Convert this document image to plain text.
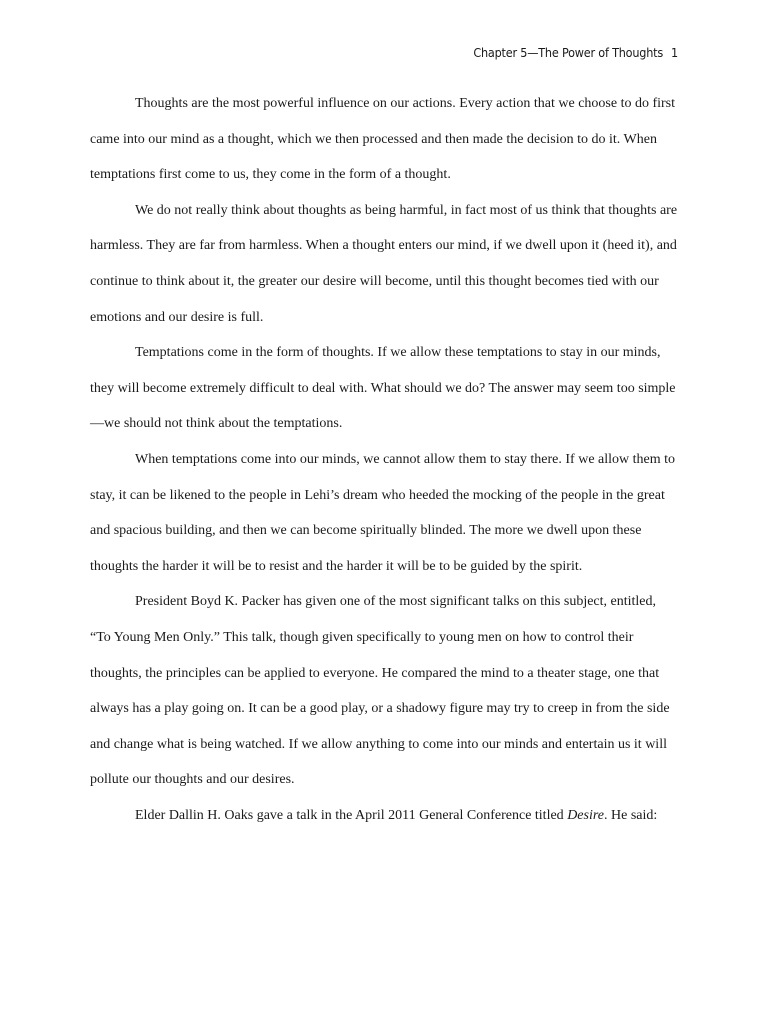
Chapter 5—The Power of Thoughts 1

Thoughts are the most powerful influence on our actions. Every action that we choose to do first came into our mind as a thought, which we then processed and then made the decision to do it. When temptations first come to us, they come in the form of a thought.

We do not really think about thoughts as being harmful, in fact most of us think that thoughts are harmless. They are far from harmless. When a thought enters our mind, if we dwell upon it (heed it), and continue to think about it, the greater our desire will become, until this thought becomes tied with our emotions and our desire is full.

Temptations come in the form of thoughts. If we allow these temptations to stay in our minds, they will become extremely difficult to deal with. What should we do? The answer may seem too simple—we should not think about the temptations.

When temptations come into our minds, we cannot allow them to stay there. If we allow them to stay, it can be likened to the people in Lehi’s dream who heeded the mocking of the people in the great and spacious building, and then we can become spiritually blinded. The more we dwell upon these thoughts the harder it will be to resist and the harder it will be to be guided by the spirit.

President Boyd K. Packer has given one of the most significant talks on this subject, entitled, “To Young Men Only.” This talk, though given specifically to young men on how to control their thoughts, the principles can be applied to everyone. He compared the mind to a theater stage, one that always has a play going on. It can be a good play, or a shadowy figure may try to creep in from the side and change what is being watched. If we allow anything to come into our minds and entertain us it will pollute our thoughts and our desires.

Elder Dallin H. Oaks gave a talk in the April 2011 General Conference titled Desire. He said:
